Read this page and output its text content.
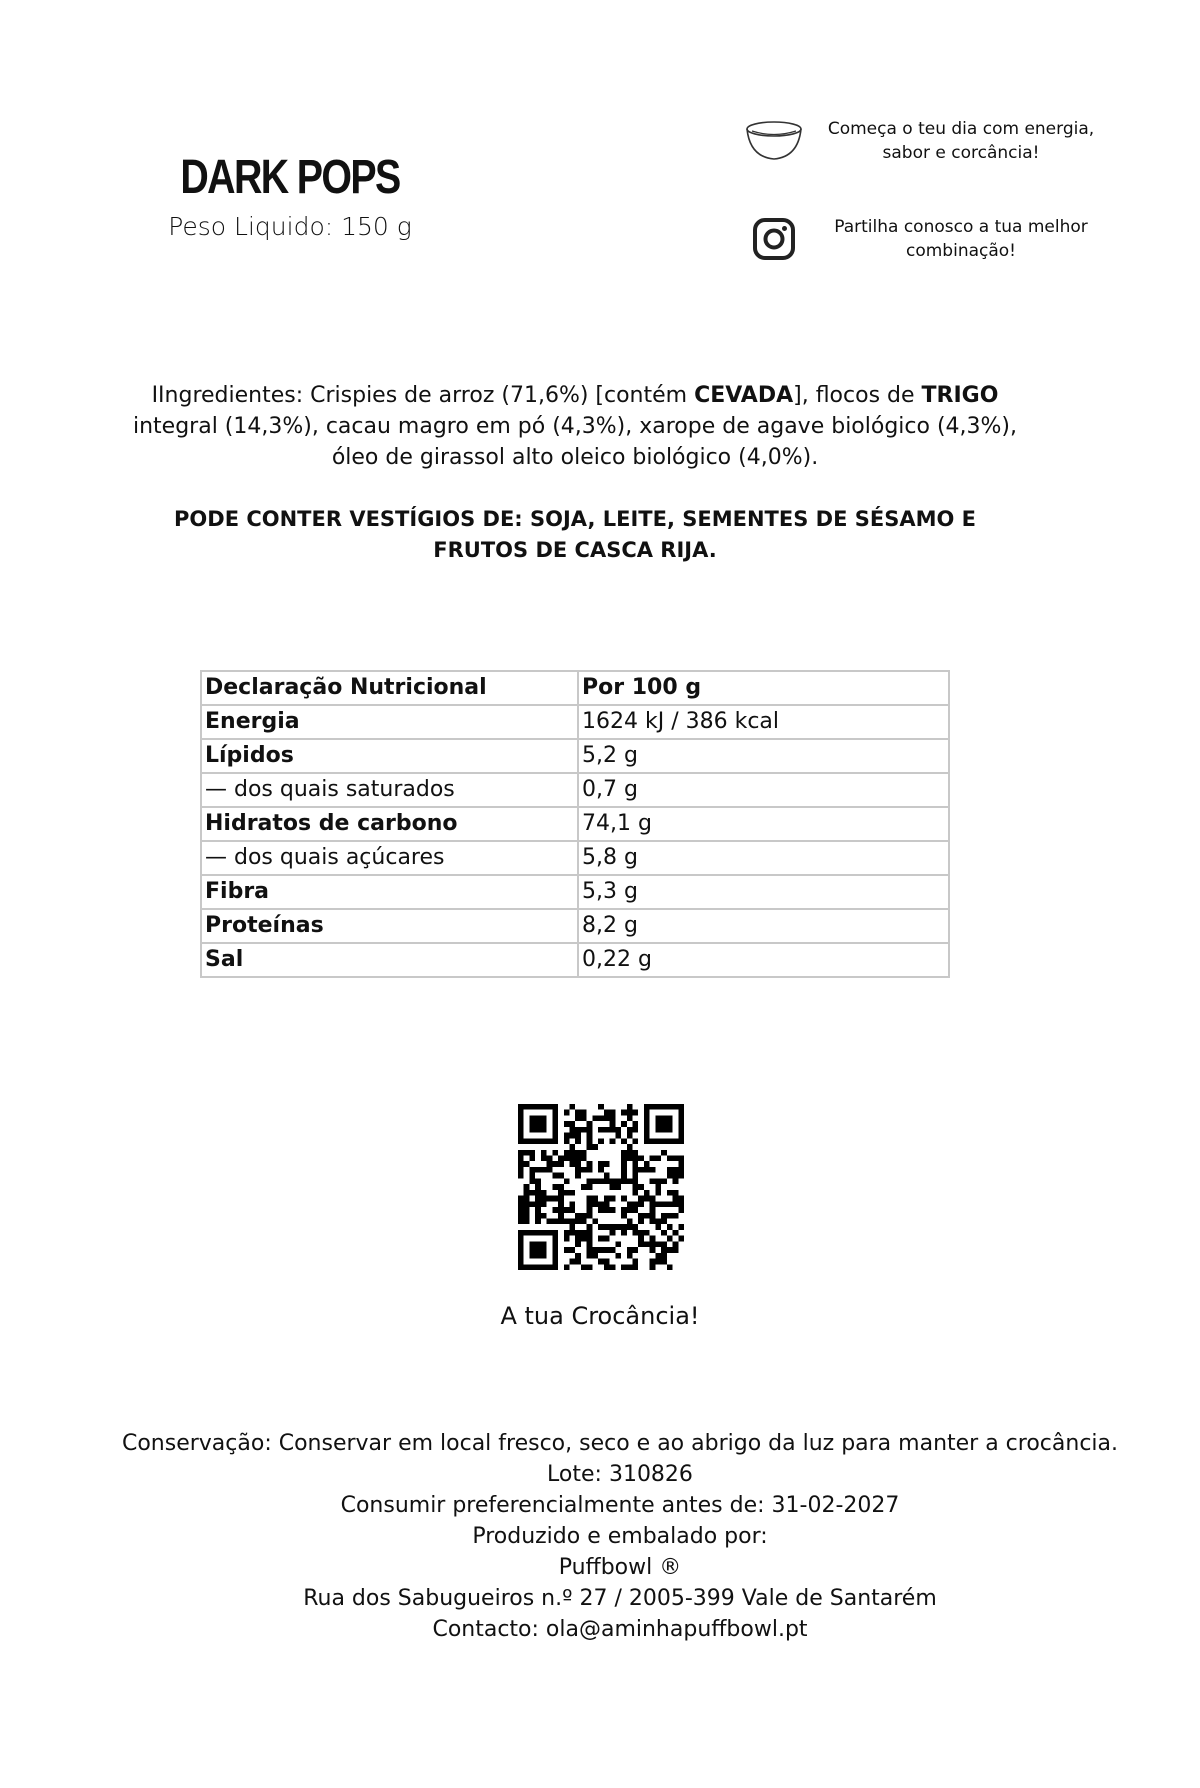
DARK POPS
Peso Liquido: 150 g
Começa o teu dia com energia,
sabor e corcância!
Partilha conosco a tua melhor
combinação!
IIngredientes: Crispies de arroz (71,6%) [contém CEVADA], flocos de TRIGO integral (14,3%), cacau magro em pó (4,3%), xarope de agave biológico (4,3%), óleo de girassol alto oleico biológico (4,0%).
PODE CONTER VESTÍGIOS DE: SOJA, LEITE, SEMENTES DE SÉSAMO E FRUTOS DE CASCA RIJA.
Declaração Nutricional	Por 100 g
Energia	1624 kJ / 386 kcal
Lípidos	5,2 g
— dos quais saturados	0,7 g
Hidratos de carbono	74,1 g
— dos quais açúcares	5,8 g
Fibra	5,3 g
Proteínas	8,2 g
Sal	0,22 g
A tua Crocância!
Conservação: Conservar em local fresco, seco e ao abrigo da luz para manter a crocância.
Lote: 310826
Consumir preferencialmente antes de: 31-02-2027
Produzido e embalado por:
Puffbowl ®
Rua dos Sabugueiros n.º 27 / 2005-399 Vale de Santarém
Contacto: ola@aminhapuffbowl.pt
